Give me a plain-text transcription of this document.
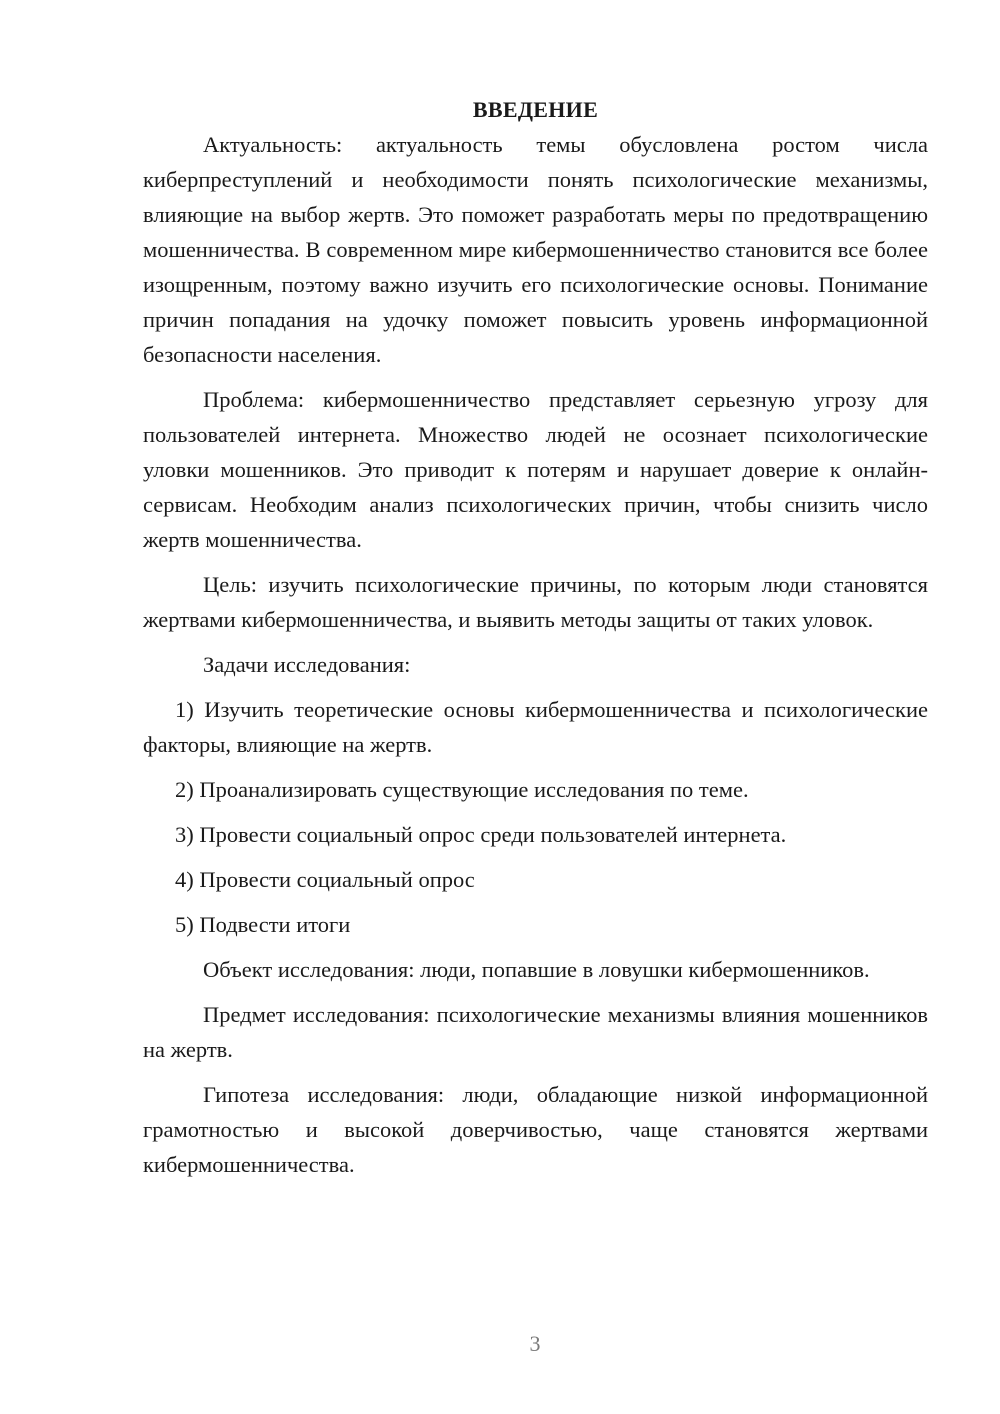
ВВЕДЕНИЕ

Актуальность: актуальность темы обусловлена ростом числа киберпреступлений и необходимости понять психологические механизмы, влияющие на выбор жертв. Это поможет разработать меры по предотвращению мошенничества. В современном мире кибермошенничество становится все более изощренным, поэтому важно изучить его психологические основы. Понимание причин попадания на удочку поможет повысить уровень информационной безопасности населения.

Проблема: кибермошенничество представляет серьезную угрозу для пользователей интернета. Множество людей не осознает психологические уловки мошенников. Это приводит к потерям и нарушает доверие к онлайн-сервисам. Необходим анализ психологических причин, чтобы снизить число жертв мошенничества.

Цель: изучить психологические причины, по которым люди становятся жертвами кибермошенничества, и выявить методы защиты от таких уловок.

Задачи исследования:

1) Изучить теоретические основы кибермошенничества и психологические факторы, влияющие на жертв.

2) Проанализировать существующие исследования по теме.

3) Провести социальный опрос среди пользователей интернета.

4) Провести социальный опрос

5) Подвести итоги

Объект исследования: люди, попавшие в ловушки кибермошенников.

Предмет исследования: психологические механизмы влияния мошенников на жертв.

Гипотеза исследования: люди, обладающие низкой информационной грамотностью и высокой доверчивостью, чаще становятся жертвами кибермошенничества.

3
